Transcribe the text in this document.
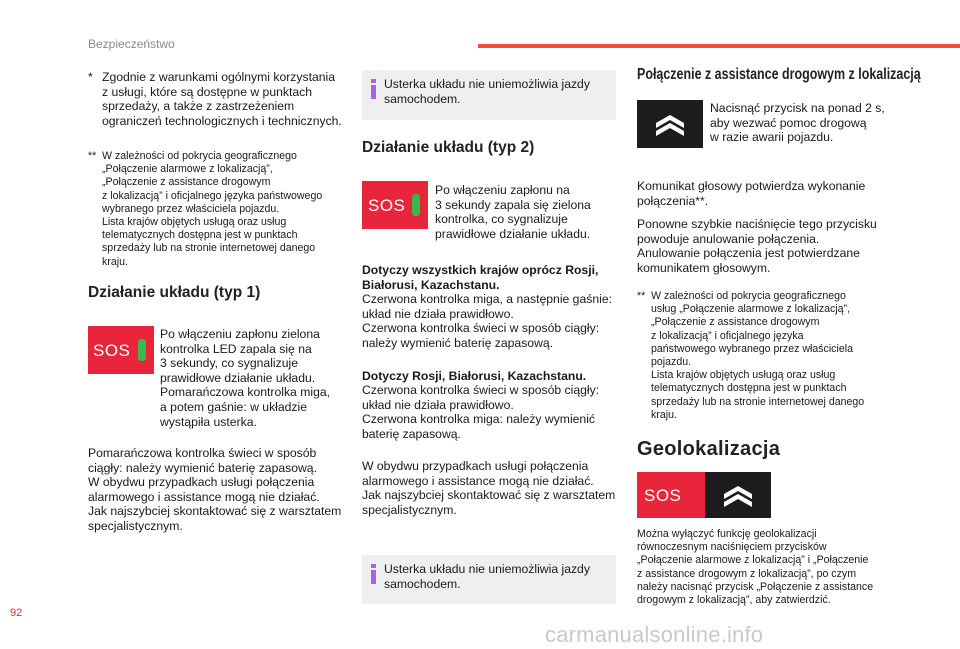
Bezpieczeństwo
* Zgodnie z warunkami ogólnymi korzystania
z usługi, które są dostępne w punktach
sprzedaży, a także z zastrzeżeniem
ograniczeń technologicznych i technicznych.
** W zależności od pokrycia geograficznego
„Połączenie alarmowe z lokalizacją”,
„Połączenie z assistance drogowym
z lokalizacją” i oficjalnego języka państwowego
wybranego przez właściciela pojazdu.
Lista krajów objętych usługą oraz usług
telematycznych dostępna jest w punktach
sprzedaży lub na stronie internetowej danego
kraju.
Działanie układu (typ 1)
SOS
Po włączeniu zapłonu zielona
kontrolka LED zapala się na
3 sekundy, co sygnalizuje
prawidłowe działanie układu.
Pomarańczowa kontrolka miga,
a potem gaśnie: w układzie
wystąpiła usterka.
Pomarańczowa kontrolka świeci w sposób
ciągły: należy wymienić baterię zapasową.
W obydwu przypadkach usługi połączenia
alarmowego i assistance mogą nie działać.
Jak najszybciej skontaktować się z warsztatem
specjalistycznym.
Usterka układu nie uniemożliwia jazdy
samochodem.
Działanie układu (typ 2)
SOS
Po włączeniu zapłonu na
3 sekundy zapala się zielona
kontrolka, co sygnalizuje
prawidłowe działanie układu.
Dotyczy wszystkich krajów oprócz Rosji,
Białorusi, Kazachstanu.
Czerwona kontrolka miga, a następnie gaśnie:
układ nie działa prawidłowo.
Czerwona kontrolka świeci w sposób ciągły:
należy wymienić baterię zapasową.
Dotyczy Rosji, Białorusi, Kazachstanu.
Czerwona kontrolka świeci w sposób ciągły:
układ nie działa prawidłowo.
Czerwona kontrolka miga: należy wymienić
baterię zapasową.
W obydwu przypadkach usługi połączenia
alarmowego i assistance mogą nie działać.
Jak najszybciej skontaktować się z warsztatem
specjalistycznym.
Usterka układu nie uniemożliwia jazdy
samochodem.
Połączenie z assistance drogowym z lokalizacją
Nacisnąć przycisk na ponad 2 s,
aby wezwać pomoc drogową
w razie awarii pojazdu.
Komunikat głosowy potwierdza wykonanie
połączenia**.
Ponowne szybkie naciśnięcie tego przycisku
powoduje anulowanie połączenia.
Anulowanie połączenia jest potwierdzane
komunikatem głosowym.
** W zależności od pokrycia geograficznego
usług „Połączenie alarmowe z lokalizacją”,
„Połączenie z assistance drogowym
z lokalizacją” i oficjalnego języka
państwowego wybranego przez właściciela
pojazdu.
Lista krajów objętych usługą oraz usług
telematycznych dostępna jest w punktach
sprzedaży lub na stronie internetowej danego
kraju.
Geolokalizacja
SOS
Można wyłączyć funkcję geolokalizacji
równoczesnym naciśnięciem przycisków
„Połączenie alarmowe z lokalizacją” i „Połączenie
z assistance drogowym z lokalizacją”, po czym
należy nacisnąć przycisk „Połączenie z assistance
drogowym z lokalizacją”, aby zatwierdzić.
92
carmanualsonline.info
